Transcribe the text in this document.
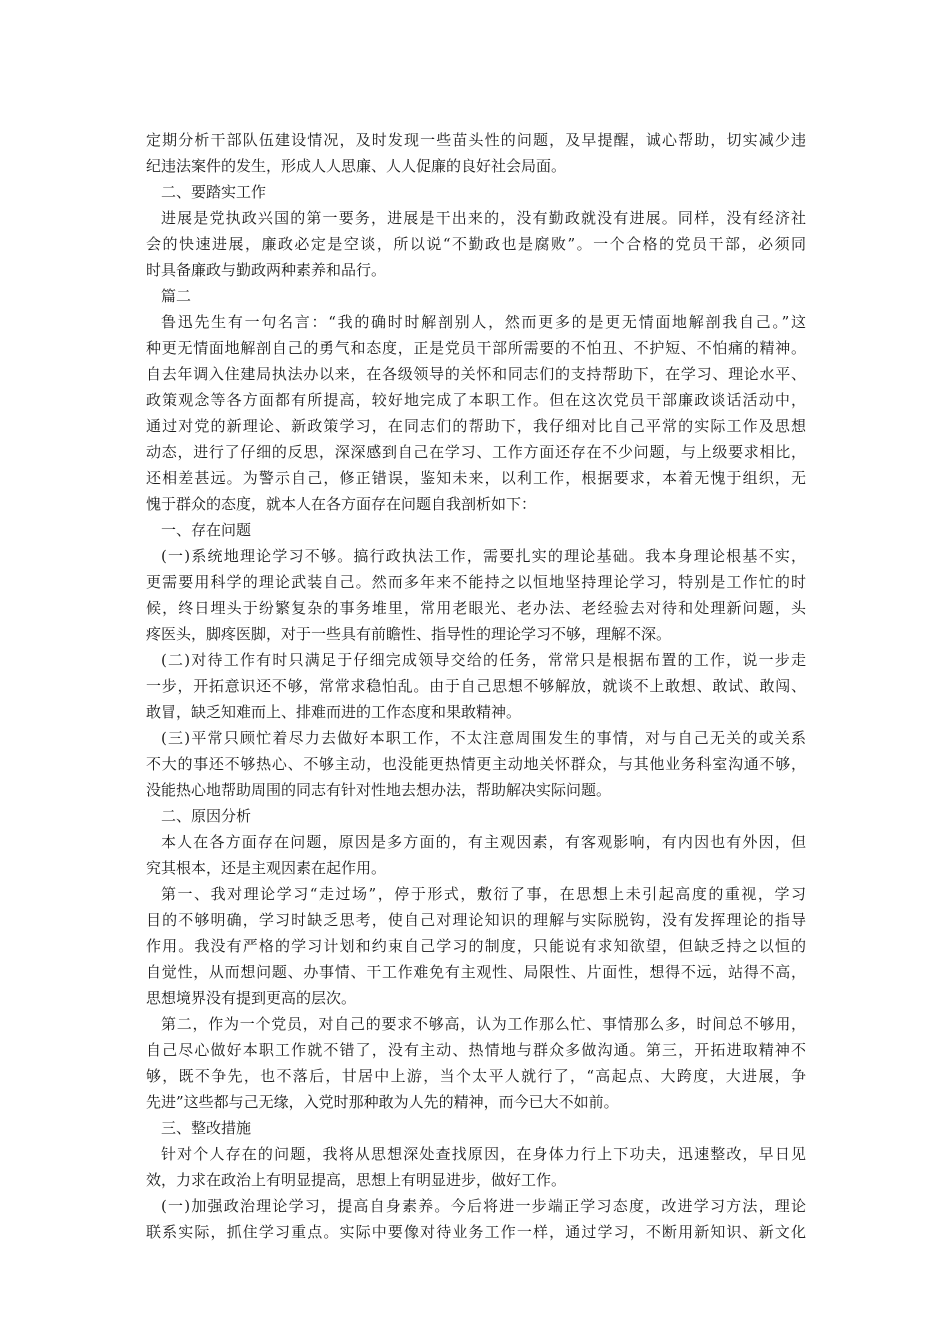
定期分析干部队伍建设情况，及时发现一些苗头性的问题，及早提醒，诚心帮助，切实减少违
纪违法案件的发生，形成人人思廉、人人促廉的良好社会局面。
二、要踏实工作
进展是党执政兴国的第一要务，进展是干出来的，没有勤政就没有进展。同样，没有经济社
会的快速进展，廉政必定是空谈，所以说“不勤政也是腐败”。一个合格的党员干部，必须同
时具备廉政与勤政两种素养和品行。
篇二
鲁迅先生有一句名言：“我的确时时解剖别人，然而更多的是更无情面地解剖我自己。”这
种更无情面地解剖自己的勇气和态度，正是党员干部所需要的不怕丑、不护短、不怕痛的精神。
自去年调入住建局执法办以来，在各级领导的关怀和同志们的支持帮助下，在学习、理论水平、
政策观念等各方面都有所提高，较好地完成了本职工作。但在这次党员干部廉政谈话活动中，
通过对党的新理论、新政策学习，在同志们的帮助下，我仔细对比自己平常的实际工作及思想
动态，进行了仔细的反思，深深感到自己在学习、工作方面还存在不少问题，与上级要求相比，
还相差甚远。为警示自己，修正错误，鉴知未来，以利工作，根据要求，本着无愧于组织，无
愧于群众的态度，就本人在各方面存在问题自我剖析如下：
一、存在问题
(一)系统地理论学习不够。搞行政执法工作，需要扎实的理论基础。我本身理论根基不实，
更需要用科学的理论武装自己。然而多年来不能持之以恒地坚持理论学习，特别是工作忙的时
候，终日埋头于纷繁复杂的事务堆里，常用老眼光、老办法、老经验去对待和处理新问题，头
疼医头，脚疼医脚，对于一些具有前瞻性、指导性的理论学习不够，理解不深。
(二)对待工作有时只满足于仔细完成领导交给的任务，常常只是根据布置的工作，说一步走
一步，开拓意识还不够，常常求稳怕乱。由于自己思想不够解放，就谈不上敢想、敢试、敢闯、
敢冒，缺乏知难而上、排难而进的工作态度和果敢精神。
(三)平常只顾忙着尽力去做好本职工作，不太注意周围发生的事情，对与自己无关的或关系
不大的事还不够热心、不够主动，也没能更热情更主动地关怀群众，与其他业务科室沟通不够，
没能热心地帮助周围的同志有针对性地去想办法，帮助解决实际问题。
二、原因分析
本人在各方面存在问题，原因是多方面的，有主观因素，有客观影响，有内因也有外因，但
究其根本，还是主观因素在起作用。
第一、我对理论学习“走过场”，停于形式，敷衍了事，在思想上未引起高度的重视，学习
目的不够明确，学习时缺乏思考，使自己对理论知识的理解与实际脱钩，没有发挥理论的指导
作用。我没有严格的学习计划和约束自己学习的制度，只能说有求知欲望，但缺乏持之以恒的
自觉性，从而想问题、办事情、干工作难免有主观性、局限性、片面性，想得不远，站得不高，
思想境界没有提到更高的层次。
第二，作为一个党员，对自己的要求不够高，认为工作那么忙、事情那么多，时间总不够用，
自己尽心做好本职工作就不错了，没有主动、热情地与群众多做沟通。第三，开拓进取精神不
够，既不争先，也不落后，甘居中上游，当个太平人就行了，“高起点、大跨度，大进展，争
先进”这些都与己无缘，入党时那种敢为人先的精神，而今已大不如前。
三、整改措施
针对个人存在的问题，我将从思想深处查找原因，在身体力行上下功夫，迅速整改，早日见
效，力求在政治上有明显提高，思想上有明显进步，做好工作。
(一)加强政治理论学习，提高自身素养。今后将进一步端正学习态度，改进学习方法，理论
联系实际，抓住学习重点。实际中要像对待业务工作一样，通过学习，不断用新知识、新文化
